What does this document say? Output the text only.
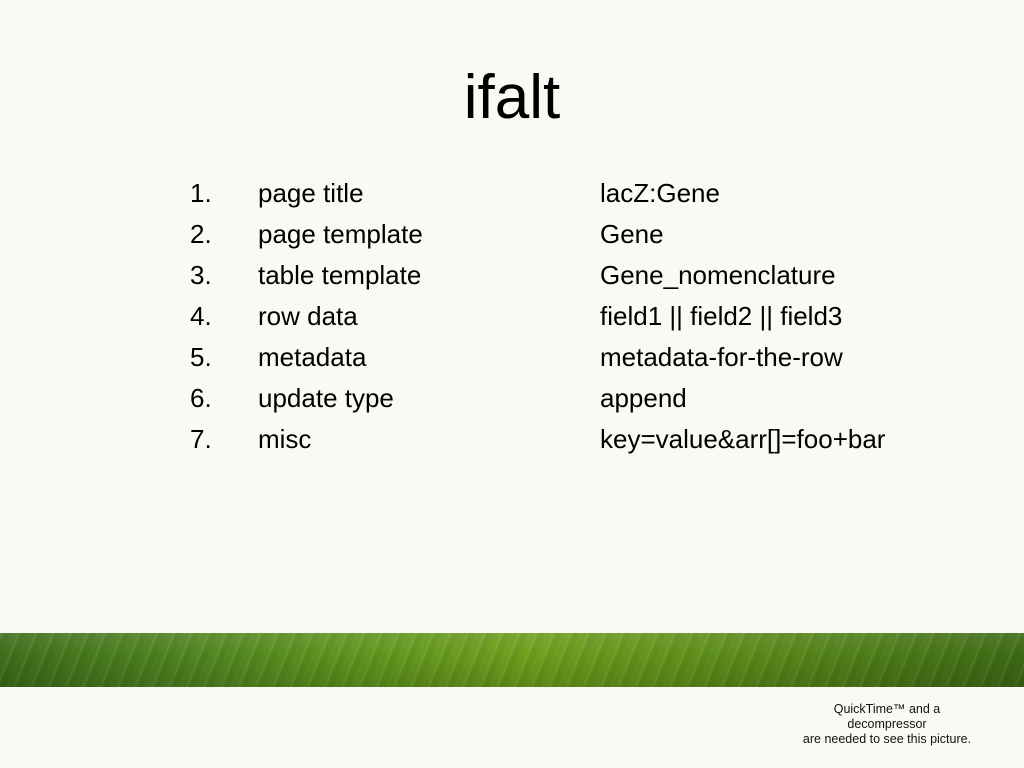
ifalt
1. page title	lacZ:Gene
2. page template	Gene
3. table template	Gene_nomenclature
4. row data	field1 || field2 || field3
5. metadata	metadata-for-the-row
6. update type	append
7. misc	key=value&arr[]=foo+bar
QuickTime™ and a
decompressor
are needed to see this picture.
